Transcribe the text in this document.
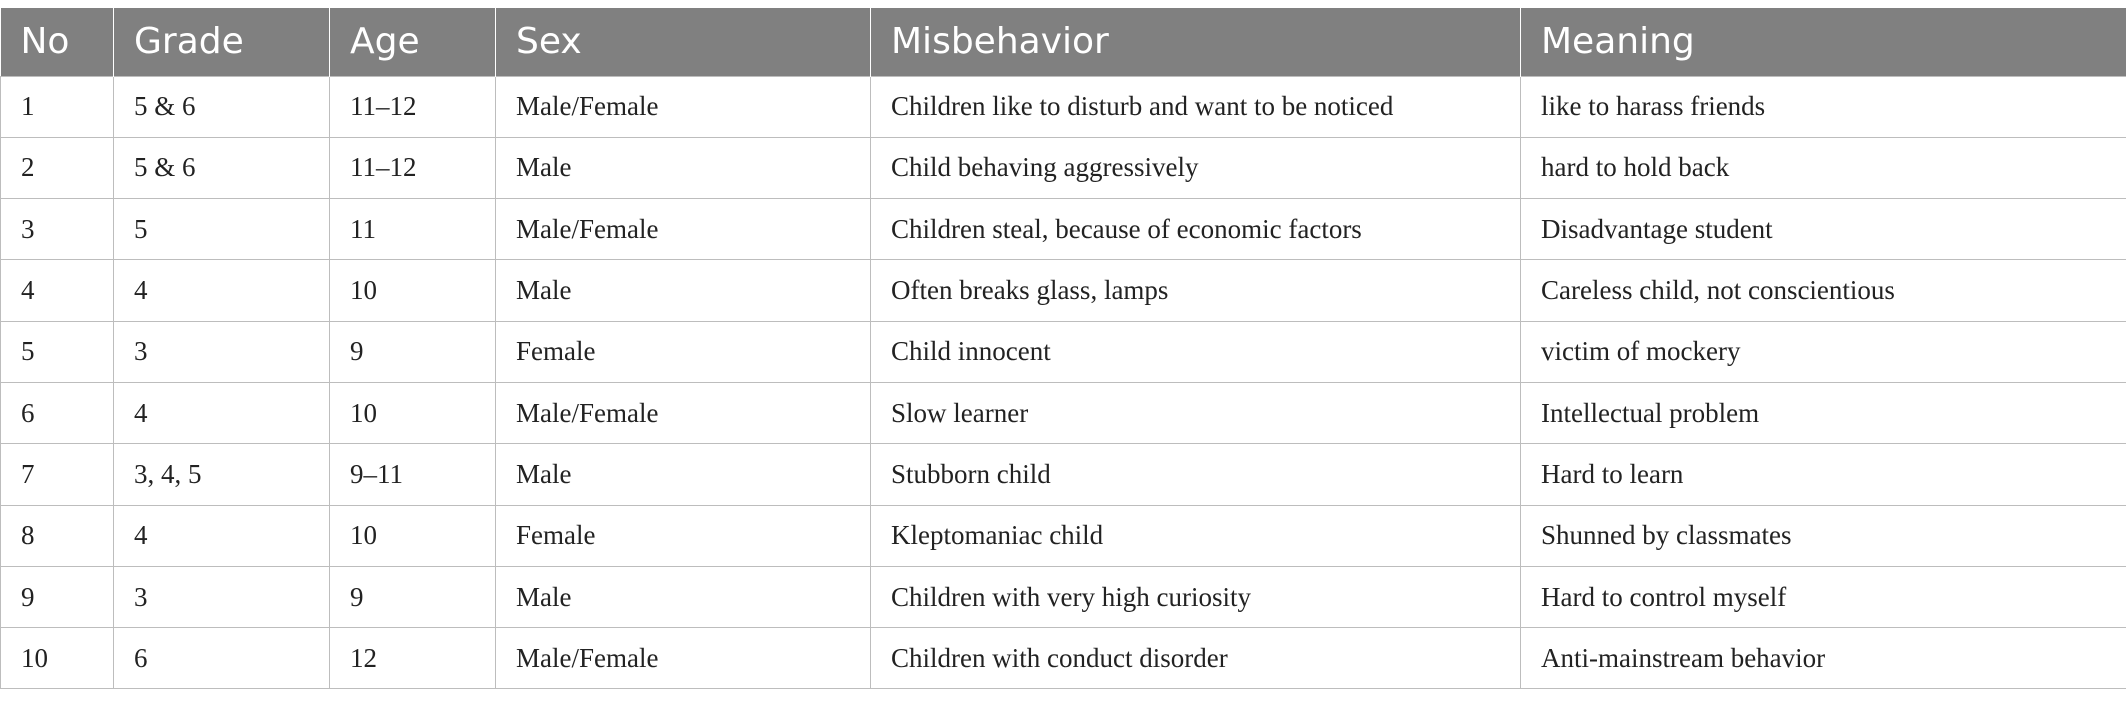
No	Grade	Age	Sex	Misbehavior	Meaning
1	5 & 6	11–12	Male/Female	Children like to disturb and want to be noticed	like to harass friends
2	5 & 6	11–12	Male	Child behaving aggressively	hard to hold back
3	5	11	Male/Female	Children steal, because of economic factors	Disadvantage student
4	4	10	Male	Often breaks glass, lamps	Careless child, not conscientious
5	3	9	Female	Child innocent	victim of mockery
6	4	10	Male/Female	Slow learner	Intellectual problem
7	3, 4, 5	9–11	Male	Stubborn child	Hard to learn
8	4	10	Female	Kleptomaniac child	Shunned by classmates
9	3	9	Male	Children with very high curiosity	Hard to control myself
10	6	12	Male/Female	Children with conduct disorder	Anti-mainstream behavior
